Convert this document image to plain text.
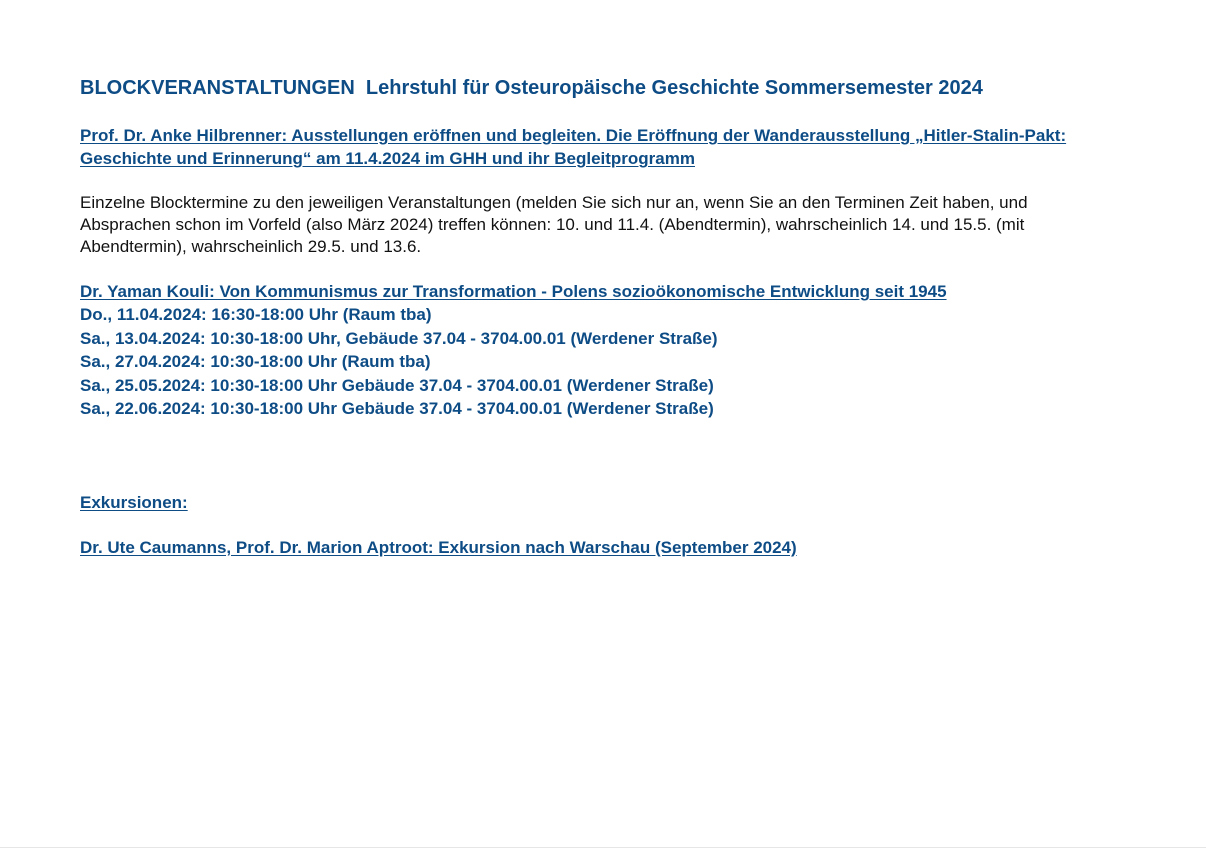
BLOCKVERANSTALTUNGEN  Lehrstuhl für Osteuropäische Geschichte Sommersemester 2024
Prof. Dr. Anke Hilbrenner: Ausstellungen eröffnen und begleiten. Die Eröffnung der Wanderausstellung „Hitler-Stalin-Pakt: Geschichte und Erinnerung“ am 11.4.2024 im GHH und ihr Begleitprogramm

Einzelne Blocktermine zu den jeweiligen Veranstaltungen (melden Sie sich nur an, wenn Sie an den Terminen Zeit haben, und Absprachen schon im Vorfeld (also März 2024) treffen können: 10. und 11.4. (Abendtermin), wahrscheinlich 14. und 15.5. (mit Abendtermin), wahrscheinlich 29.5. und 13.6.

Dr. Yaman Kouli: Von Kommunismus zur Transformation - Polens sozioökonomische Entwicklung seit 1945
Do., 11.04.2024: 16:30-18:00 Uhr (Raum tba)
Sa., 13.04.2024: 10:30-18:00 Uhr, Gebäude 37.04 - 3704.00.01 (Werdener Straße)
Sa., 27.04.2024: 10:30-18:00 Uhr (Raum tba)
Sa., 25.05.2024: 10:30-18:00 Uhr Gebäude 37.04 - 3704.00.01 (Werdener Straße)
Sa., 22.06.2024: 10:30-18:00 Uhr Gebäude 37.04 - 3704.00.01 (Werdener Straße)
Exkursionen:
Dr. Ute Caumanns, Prof. Dr. Marion Aptroot: Exkursion nach Warschau (September 2024)
